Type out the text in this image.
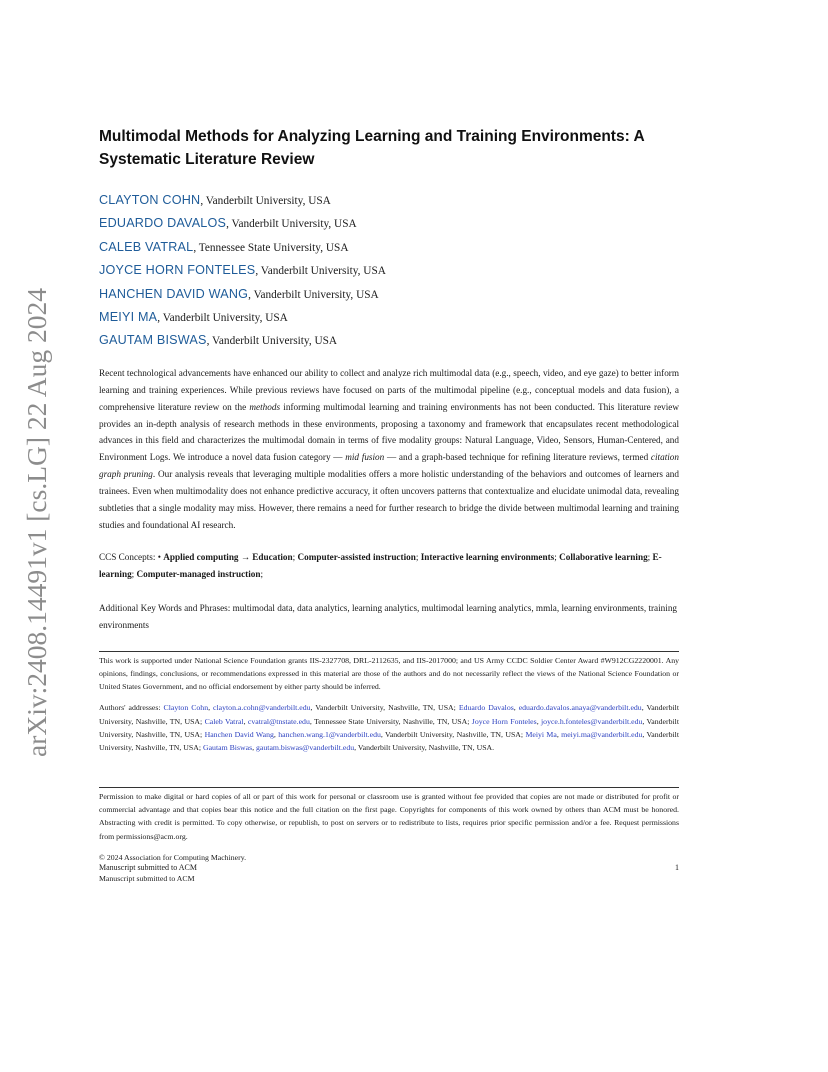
arXiv:2408.14491v1 [cs.LG] 22 Aug 2024
Multimodal Methods for Analyzing Learning and Training Environments: A Systematic Literature Review
CLAYTON COHN, Vanderbilt University, USA
EDUARDO DAVALOS, Vanderbilt University, USA
CALEB VATRAL, Tennessee State University, USA
JOYCE HORN FONTELES, Vanderbilt University, USA
HANCHEN DAVID WANG, Vanderbilt University, USA
MEIYI MA, Vanderbilt University, USA
GAUTAM BISWAS, Vanderbilt University, USA

Recent technological advancements have enhanced our ability to collect and analyze rich multimodal data (e.g., speech, video, and eye gaze) to better inform learning and training experiences. While previous reviews have focused on parts of the multimodal pipeline (e.g., conceptual models and data fusion), a comprehensive literature review on the methods informing multimodal learning and training environments has not been conducted. This literature review provides an in-depth analysis of research methods in these environments, proposing a taxonomy and framework that encapsulates recent methodological advances in this field and characterizes the multimodal domain in terms of five modality groups: Natural Language, Video, Sensors, Human-Centered, and Environment Logs. We introduce a novel data fusion category — mid fusion — and a graph-based technique for refining literature reviews, termed citation graph pruning. Our analysis reveals that leveraging multiple modalities offers a more holistic understanding of the behaviors and outcomes of learners and trainees. Even when multimodality does not enhance predictive accuracy, it often uncovers patterns that contextualize and elucidate unimodal data, revealing subtleties that a single modality may miss. However, there remains a need for further research to bridge the divide between multimodal learning and training studies and foundational AI research.

CCS Concepts: • Applied computing → Education; Computer-assisted instruction; Interactive learning environments; Collaborative learning; E-learning; Computer-managed instruction;

Additional Key Words and Phrases: multimodal data, data analytics, learning analytics, multimodal learning analytics, mmla, learning environments, training environments

This work is supported under National Science Foundation grants IIS-2327708, DRL-2112635, and IIS-2017000; and US Army CCDC Soldier Center Award #W912CG2220001. Any opinions, findings, conclusions, or recommendations expressed in this material are those of the authors and do not necessarily reflect the views of the National Science Foundation or United States Government, and no official endorsement by either party should be inferred.

Authors' addresses: Clayton Cohn, clayton.a.cohn@vanderbilt.edu, Vanderbilt University, Nashville, TN, USA; Eduardo Davalos, eduardo.davalos.anaya@vanderbilt.edu, Vanderbilt University, Nashville, TN, USA; Caleb Vatral, cvatral@tnstate.edu, Tennessee State University, Nashville, TN, USA; Joyce Horn Fonteles, joyce.h.fonteles@vanderbilt.edu, Vanderbilt University, Nashville, TN, USA; Hanchen David Wang, hanchen.wang.1@vanderbilt.edu, Vanderbilt University, Nashville, TN, USA; Meiyi Ma, meiyi.ma@vanderbilt.edu, Vanderbilt University, Nashville, TN, USA; Gautam Biswas, gautam.biswas@vanderbilt.edu, Vanderbilt University, Nashville, TN, USA.

Permission to make digital or hard copies of all or part of this work for personal or classroom use is granted without fee provided that copies are not made or distributed for profit or commercial advantage and that copies bear this notice and the full citation on the first page. Copyrights for components of this work owned by others than ACM must be honored. Abstracting with credit is permitted. To copy otherwise, or republish, to post on servers or to redistribute to lists, requires prior specific permission and/or a fee. Request permissions from permissions@acm.org.

© 2024 Association for Computing Machinery.

Manuscript submitted to ACM

Manuscript submitted to ACM	1
